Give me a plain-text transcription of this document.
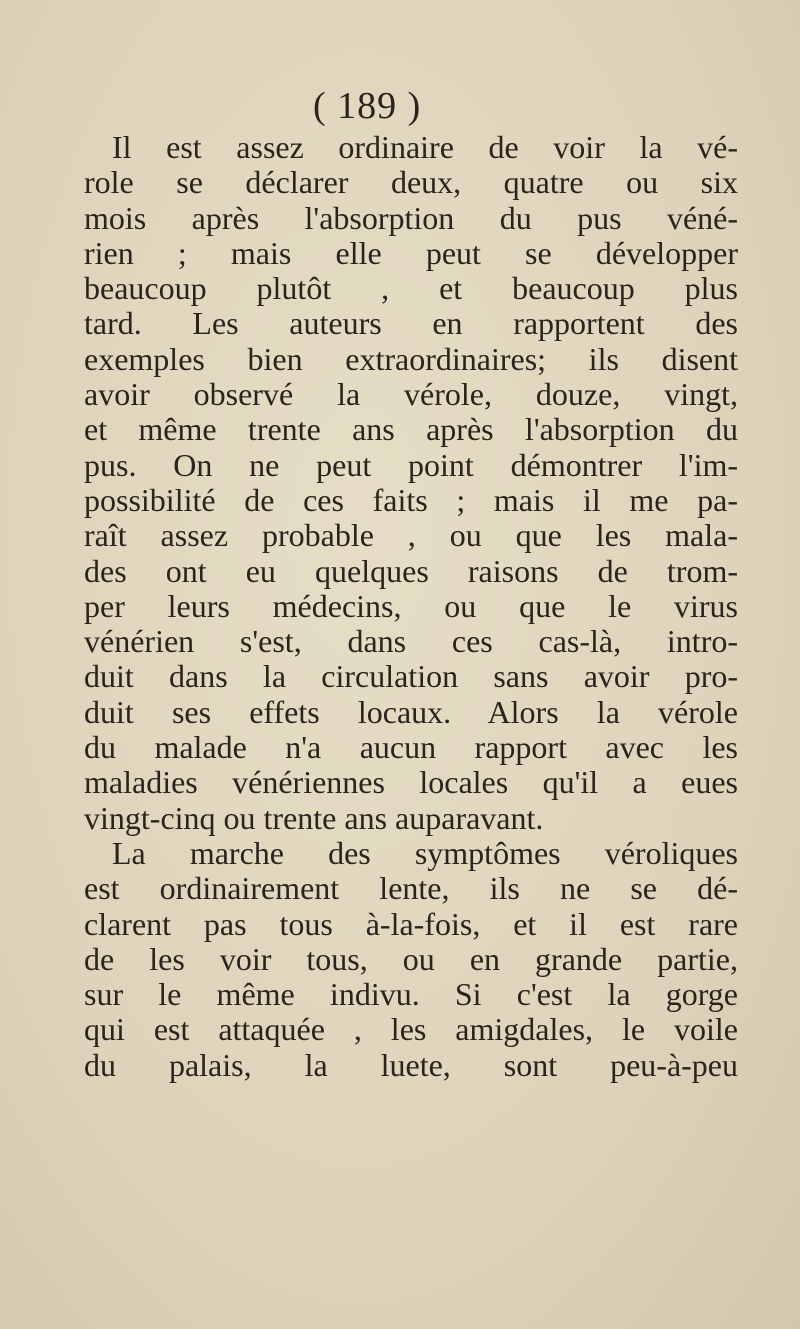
( 189 )
Il est assez ordinaire de voir la vé-
role se déclarer deux, quatre ou six
mois après l'absorption du pus véné-
rien ; mais elle peut se développer
beaucoup plutôt , et beaucoup plus
tard. Les auteurs en rapportent des
exemples bien extraordinaires; ils disent
avoir observé la vérole, douze, vingt,
et même trente ans après l'absorption du
pus. On ne peut point démontrer l'im-
possibilité de ces faits ; mais il me pa-
raît assez probable , ou que les mala-
des ont eu quelques raisons de trom-
per leurs médecins, ou que le virus
vénérien s'est, dans ces cas-là, intro-
duit dans la circulation sans avoir pro-
duit ses effets locaux. Alors la vérole
du malade n'a aucun rapport avec les
maladies vénériennes locales qu'il a eues
vingt-cinq ou trente ans auparavant.
La marche des symptômes véroliques
est ordinairement lente, ils ne se dé-
clarent pas tous à-la-fois, et il est rare
de les voir tous, ou en grande partie,
sur le même indivu. Si c'est la gorge
qui est attaquée , les amigdales, le voile
du palais, la luete, sont peu-à-peu
